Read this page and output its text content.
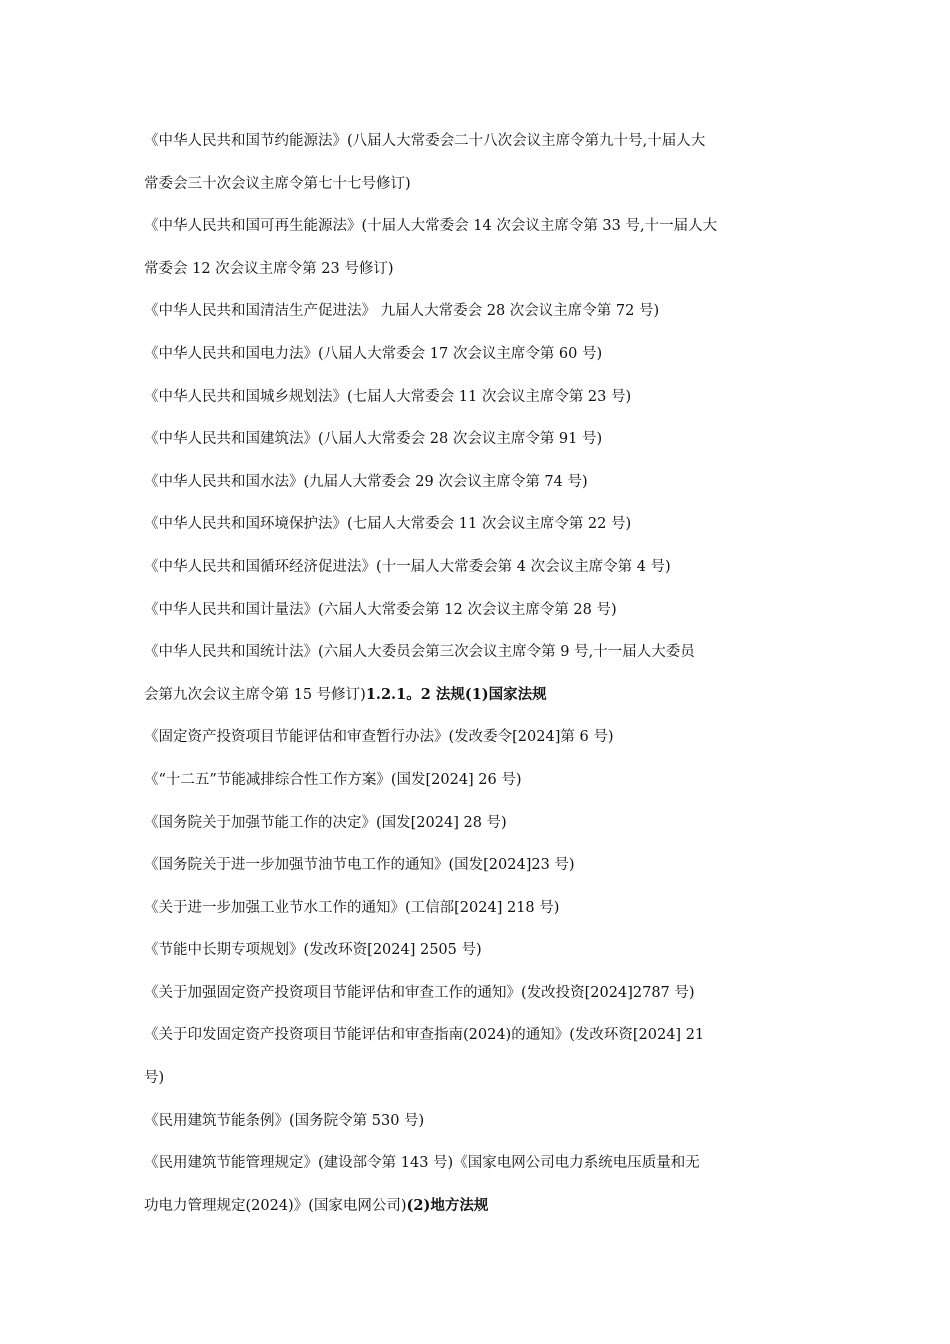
《中华人民共和国节约能源法》(八届人大常委会二十八次会议主席令第九十号,十届人大
常委会三十次会议主席令第七十七号修订)
《中华人民共和国可再生能源法》(十届人大常委会 14 次会议主席令第 33 号,十一届人大
常委会 12 次会议主席令第 23 号修订)
《中华人民共和国清洁生产促进法》 九届人大常委会 28 次会议主席令第 72 号)
《中华人民共和国电力法》(八届人大常委会 17 次会议主席令第 60 号)
《中华人民共和国城乡规划法》(七届人大常委会 11 次会议主席令第 23 号)
《中华人民共和国建筑法》(八届人大常委会 28 次会议主席令第 91 号)
《中华人民共和国水法》(九届人大常委会 29 次会议主席令第 74 号)
《中华人民共和国环境保护法》(七届人大常委会 11 次会议主席令第 22 号)
《中华人民共和国循环经济促进法》(十一届人大常委会第 4 次会议主席令第 4 号)
《中华人民共和国计量法》(六届人大常委会第 12 次会议主席令第 28 号)
《中华人民共和国统计法》(六届人大委员会第三次会议主席令第 9 号,十一届人大委员
会第九次会议主席令第 15 号修订)1.2.1。2 法规(1)国家法规
《固定资产投资项目节能评估和审查暂行办法》(发改委令[2024]第 6 号)
《“十二五”节能减排综合性工作方案》(国发[2024] 26 号)
《国务院关于加强节能工作的决定》(国发[2024] 28 号)
《国务院关于进一步加强节油节电工作的通知》(国发[2024]23 号)
《关于进一步加强工业节水工作的通知》(工信部[2024] 218 号)
《节能中长期专项规划》(发改环资[2024] 2505 号)
《关于加强固定资产投资项目节能评估和审查工作的通知》(发改投资[2024]2787 号)
《关于印发固定资产投资项目节能评估和审查指南(2024)的通知》(发改环资[2024] 21
号)
《民用建筑节能条例》(国务院令第 530 号)
《民用建筑节能管理规定》(建设部令第 143 号)《国家电网公司电力系统电压质量和无
功电力管理规定(2024)》(国家电网公司)(2)地方法规
